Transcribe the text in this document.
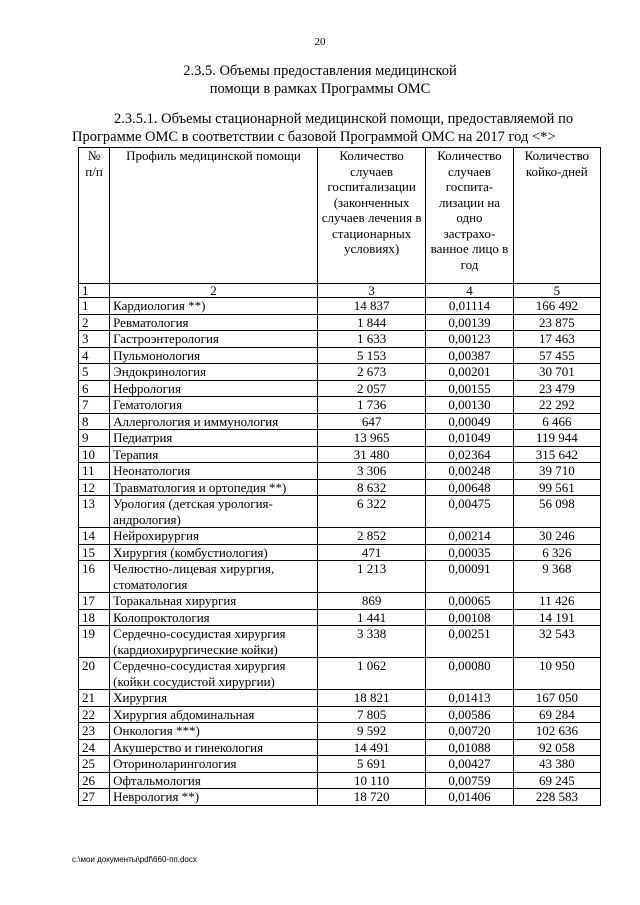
20
2.3.5. Объемы предоставления медицинской
помощи в рамках Программы ОМС
2.3.5.1. Объемы стационарной медицинской помощи, предоставляемой по Программе ОМС в соответствии с базовой Программой ОМС на 2017 год <*>
№ п/п	Профиль медицинской помощи	Количество случаев госпитализации (законченных случаев лечения в стационарных условиях)	Количество случаев госпита-лизации на одно застрахо-ванное лицо в год	Количество койко-дней
1	2	3	4	5
1	Кардиология **)	14 837	0,01114	166 492
2	Ревматология	1 844	0,00139	23 875
3	Гастроэнтерология	1 633	0,00123	17 463
4	Пульмонология	5 153	0,00387	57 455
5	Эндокринология	2 673	0,00201	30 701
6	Нефрология	2 057	0,00155	23 479
7	Гематология	1 736	0,00130	22 292
8	Аллергология и иммунология	647	0,00049	6 466
9	Педиатрия	13 965	0,01049	119 944
10	Терапия	31 480	0,02364	315 642
11	Неонатология	3 306	0,00248	39 710
12	Травматология и ортопедия **)	8 632	0,00648	99 561
13	Урология (детская урология-андрология)	6 322	0,00475	56 098
14	Нейрохирургия	2 852	0,00214	30 246
15	Хирургия (комбустиология)	471	0,00035	6 326
16	Челюстно-лицевая хирургия, стоматология	1 213	0,00091	9 368
17	Торакальная хирургия	869	0,00065	11 426
18	Колопроктология	1 441	0,00108	14 191
19	Сердечно-сосудистая хирургия (кардиохирургические койки)	3 338	0,00251	32 543
20	Сердечно-сосудистая хирургия (койки сосудистой хирургии)	1 062	0,00080	10 950
21	Хирургия	18 821	0,01413	167 050
22	Хирургия абдоминальная	7 805	0,00586	69 284
23	Онкология ***)	9 592	0,00720	102 636
24	Акушерство и гинекология	14 491	0,01088	92 058
25	Оториноларингология	5 691	0,00427	43 380
26	Офтальмология	10 110	0,00759	69 245
27	Неврология **)	18 720	0,01406	228 583
c:\мои документы\pdf\660-пп.docx
